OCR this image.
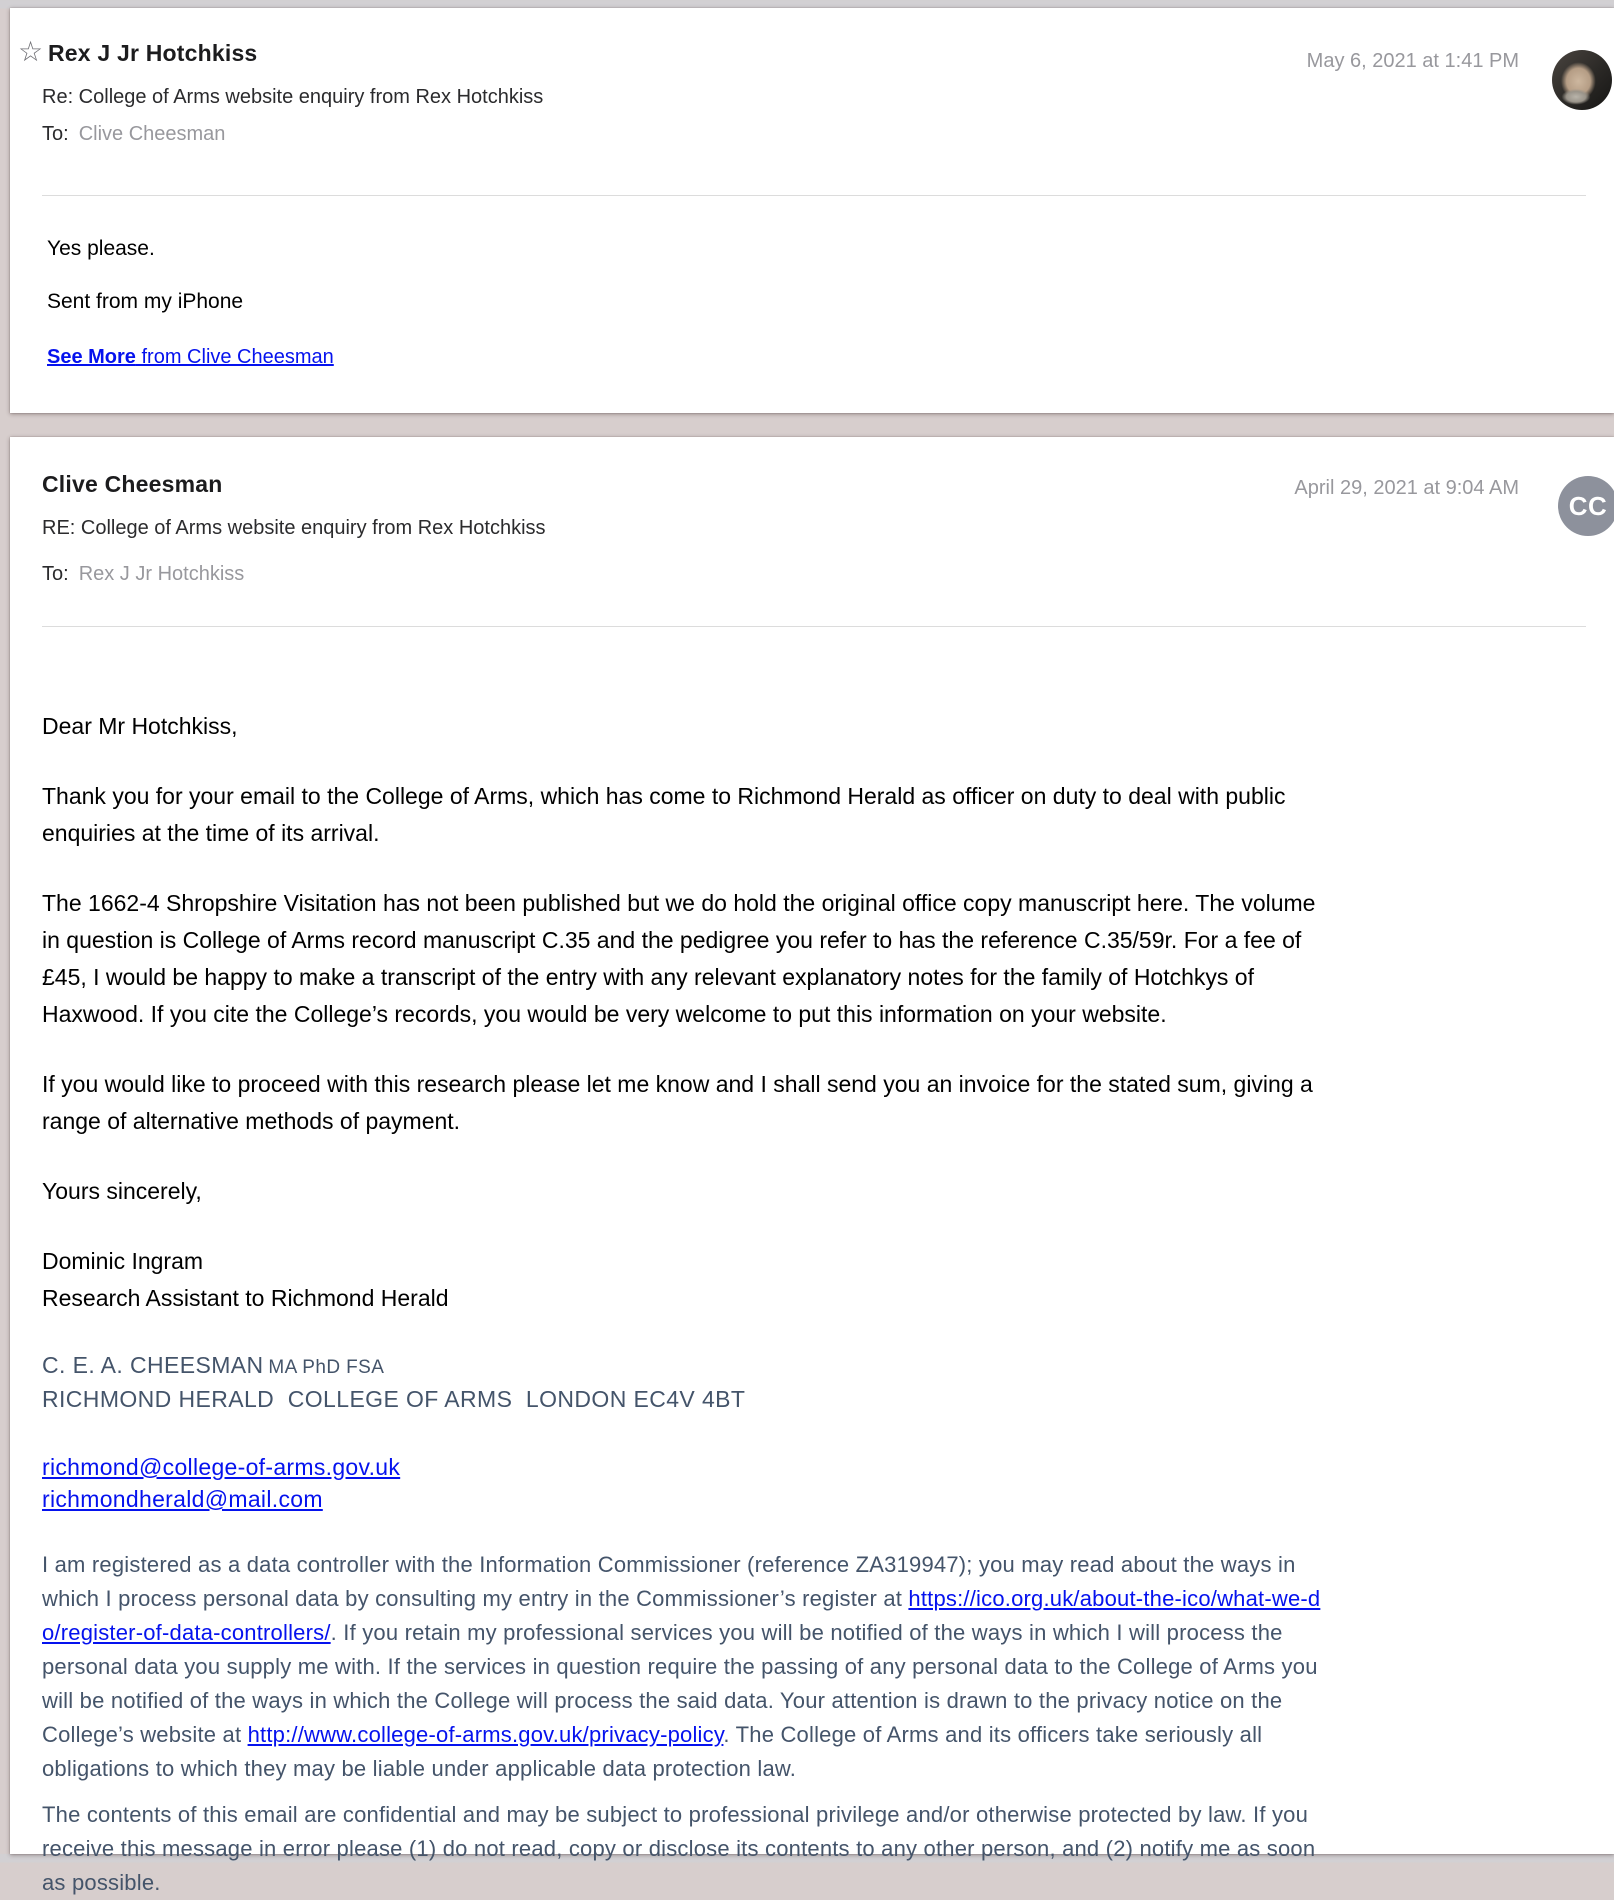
☆ Rex J Jr Hotchkiss	May 6, 2021 at 1:41 PM
Re: College of Arms website enquiry from Rex Hotchkiss
To: Clive Cheesman
Yes please.
Sent from my iPhone
See More from Clive Cheesman
Clive Cheesman	April 29, 2021 at 9:04 AM
CC
RE: College of Arms website enquiry from Rex Hotchkiss
To: Rex J Jr Hotchkiss

Dear Mr Hotchkiss,

Thank you for your email to the College of Arms, which has come to Richmond Herald as officer on duty to deal with public enquiries at the time of its arrival.

The 1662-4 Shropshire Visitation has not been published but we do hold the original office copy manuscript here. The volume in question is College of Arms record manuscript C.35 and the pedigree you refer to has the reference C.35/59r. For a fee of £45, I would be happy to make a transcript of the entry with any relevant explanatory notes for the family of Hotchkys of Haxwood. If you cite the College’s records, you would be very welcome to put this information on your website.

If you would like to proceed with this research please let me know and I shall send you an invoice for the stated sum, giving a range of alternative methods of payment.

Yours sincerely,

Dominic Ingram
Research Assistant to Richmond Herald

C. E. A. CHEESMAN MA PhD FSA
RICHMOND HERALD  COLLEGE OF ARMS  LONDON EC4V 4BT

richmond@college-of-arms.gov.uk
richmondherald@mail.com

I am registered as a data controller with the Information Commissioner (reference ZA319947); you may read about the ways in which I process personal data by consulting my entry in the Commissioner’s register at https://ico.org.uk/about-the-ico/what-we-do/register-of-data-controllers/. If you retain my professional services you will be notified of the ways in which I will process the personal data you supply me with. If the services in question require the passing of any personal data to the College of Arms you will be notified of the ways in which the College will process the said data. Your attention is drawn to the privacy notice on the College’s website at http://www.college-of-arms.gov.uk/privacy-policy. The College of Arms and its officers take seriously all obligations to which they may be liable under applicable data protection law.

The contents of this email are confidential and may be subject to professional privilege and/or otherwise protected by law. If you receive this message in error please (1) do not read, copy or disclose its contents to any other person, and (2) notify me as soon as possible.
